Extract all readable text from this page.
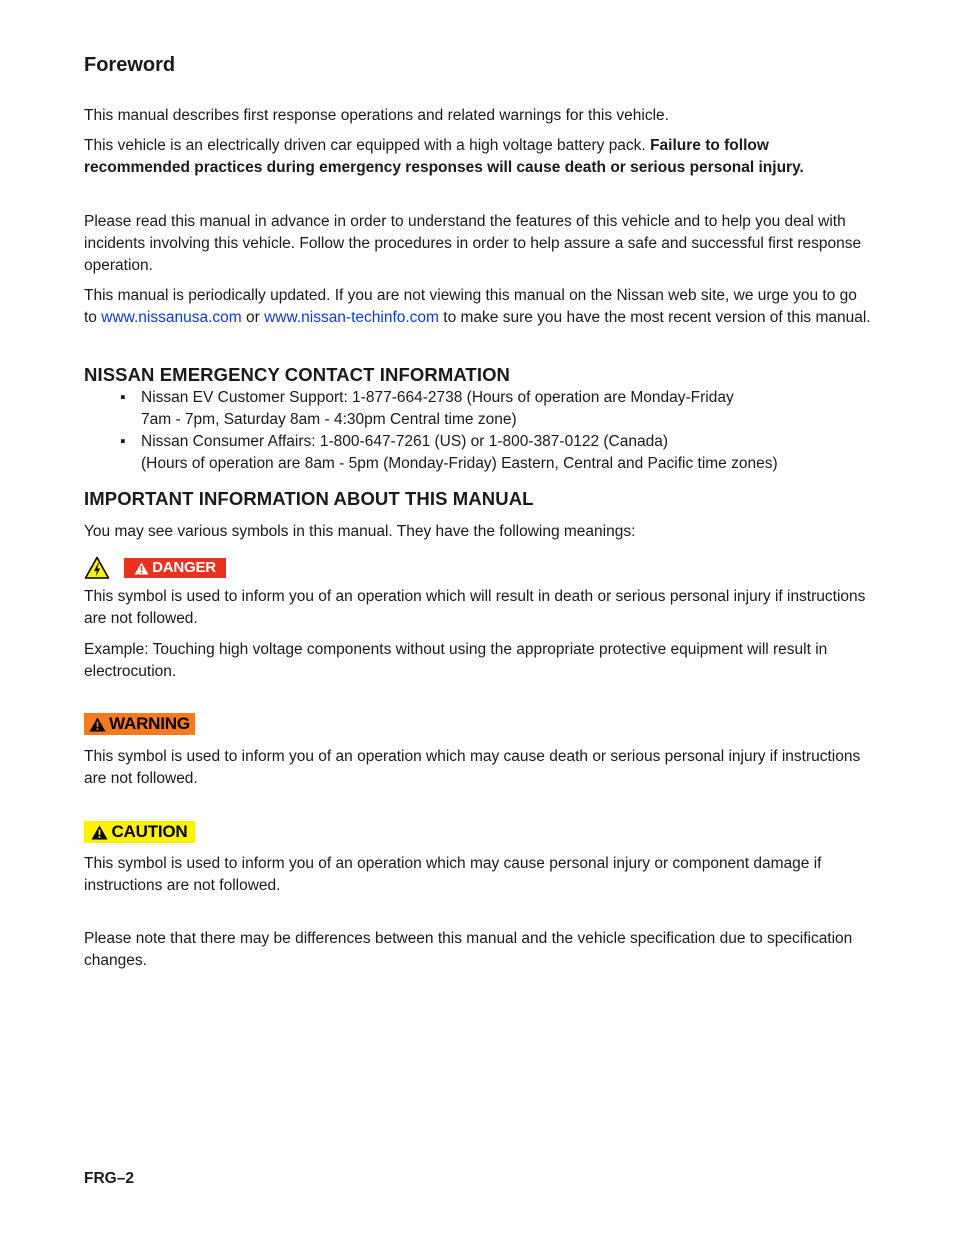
Foreword

This manual describes first response operations and related warnings for this vehicle.

This vehicle is an electrically driven car equipped with a high voltage battery pack. Failure to follow recommended practices during emergency responses will cause death or serious personal injury.

Please read this manual in advance in order to understand the features of this vehicle and to help you deal with incidents involving this vehicle. Follow the procedures in order to help assure a safe and successful first response operation.

This manual is periodically updated. If you are not viewing this manual on the Nissan web site, we urge you to go to www.nissanusa.com or www.nissan-techinfo.com to make sure you have the most recent version of this manual.

NISSAN EMERGENCY CONTACT INFORMATION
▪ Nissan EV Customer Support: 1-877-664-2738 (Hours of operation are Monday-Friday
7am - 7pm, Saturday 8am - 4:30pm Central time zone)
▪ Nissan Consumer Affairs: 1-800-647-7261 (US) or 1-800-387-0122 (Canada)
(Hours of operation are 8am - 5pm (Monday-Friday) Eastern, Central and Pacific time zones)
IMPORTANT INFORMATION ABOUT THIS MANUAL

You may see various symbols in this manual. They have the following meanings:

DANGER

This symbol is used to inform you of an operation which will result in death or serious personal injury if instructions are not followed.

Example: Touching high voltage components without using the appropriate protective equipment will result in electrocution.

WARNING

This symbol is used to inform you of an operation which may cause death or serious personal injury if instructions are not followed.

CAUTION

This symbol is used to inform you of an operation which may cause personal injury or component damage if instructions are not followed.

Please note that there may be differences between this manual and the vehicle specification due to specification changes.

FRG–2
